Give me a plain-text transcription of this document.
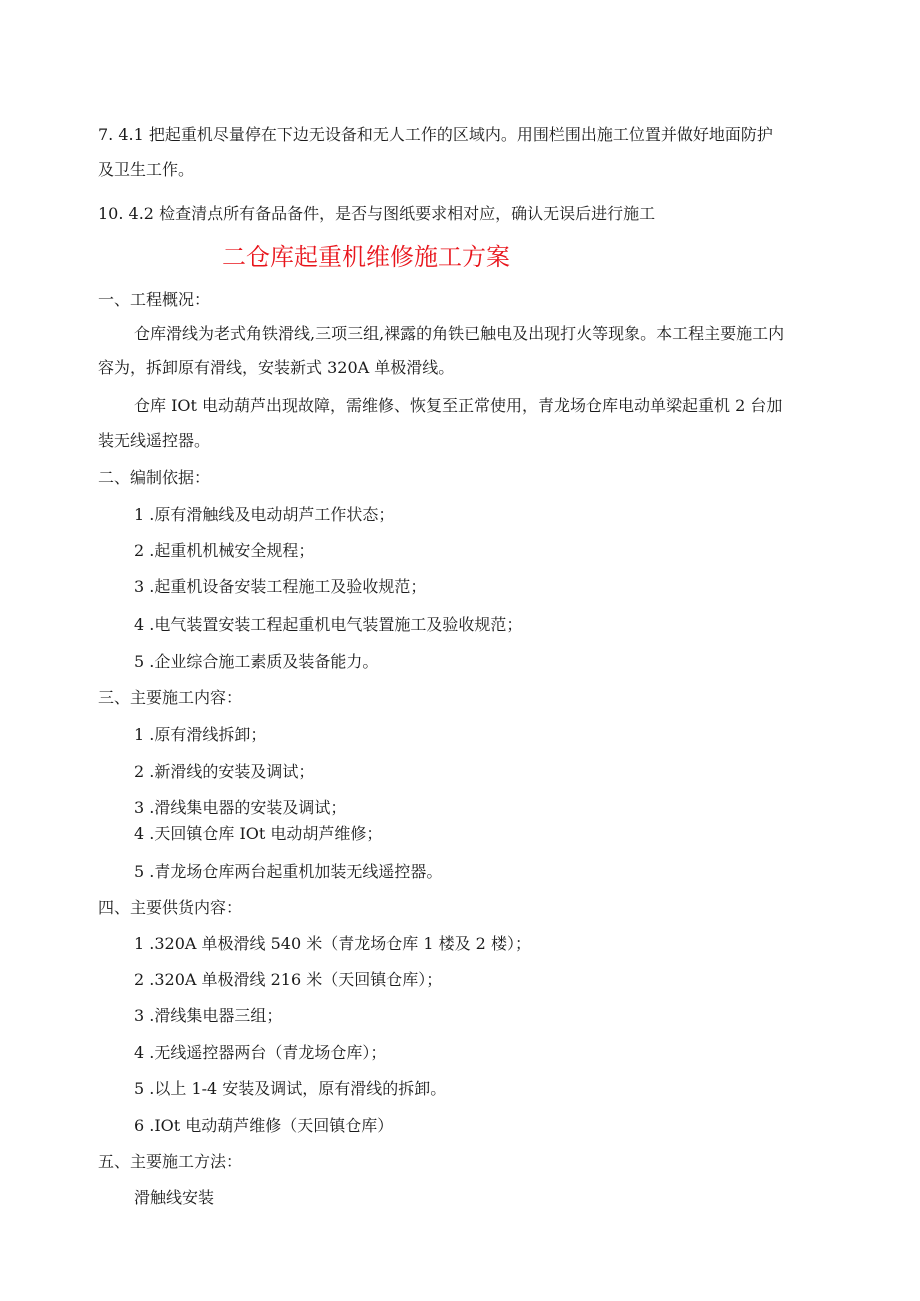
7. 4.1 把起重机尽量停在下边无设备和无人工作的区域内。用围栏围出施工位置并做好地面防护
及卫生工作。
10. 4.2 检查清点所有备品备件，是否与图纸要求相对应，确认无误后进行施工
二仓库起重机维修施工方案
一、工程概况：
仓库滑线为老式角铁滑线,三项三组,裸露的角铁已触电及出现打火等现象。本工程主要施工内
容为，拆卸原有滑线，安装新式 320A 单极滑线。
仓库 IOt 电动葫芦出现故障，需维修、恢复至正常使用，青龙场仓库电动单梁起重机 2 台加
装无线遥控器。
二、编制依据：
1 .原有滑触线及电动胡芦工作状态；
2 .起重机机械安全规程；
3 .起重机设备安装工程施工及验收规范；
4 .电气装置安装工程起重机电气装置施工及验收规范；
5 .企业综合施工素质及装备能力。
三、主要施工内容：
1 .原有滑线拆卸；
2 .新滑线的安装及调试；
3 .滑线集电器的安装及调试；
4 .天回镇仓库 IOt 电动胡芦维修；
5 .青龙场仓库两台起重机加装无线遥控器。
四、主要供货内容：
1 .320A 单极滑线 540 米（青龙场仓库 1 楼及 2 楼）；
2 .320A 单极滑线 216 米（天回镇仓库）；
3 .滑线集电器三组；
4 .无线遥控器两台（青龙场仓库）；
5 .以上 1-4 安装及调试，原有滑线的拆卸。
6 .IOt 电动葫芦维修（天回镇仓库）
五、主要施工方法：
滑触线安装
